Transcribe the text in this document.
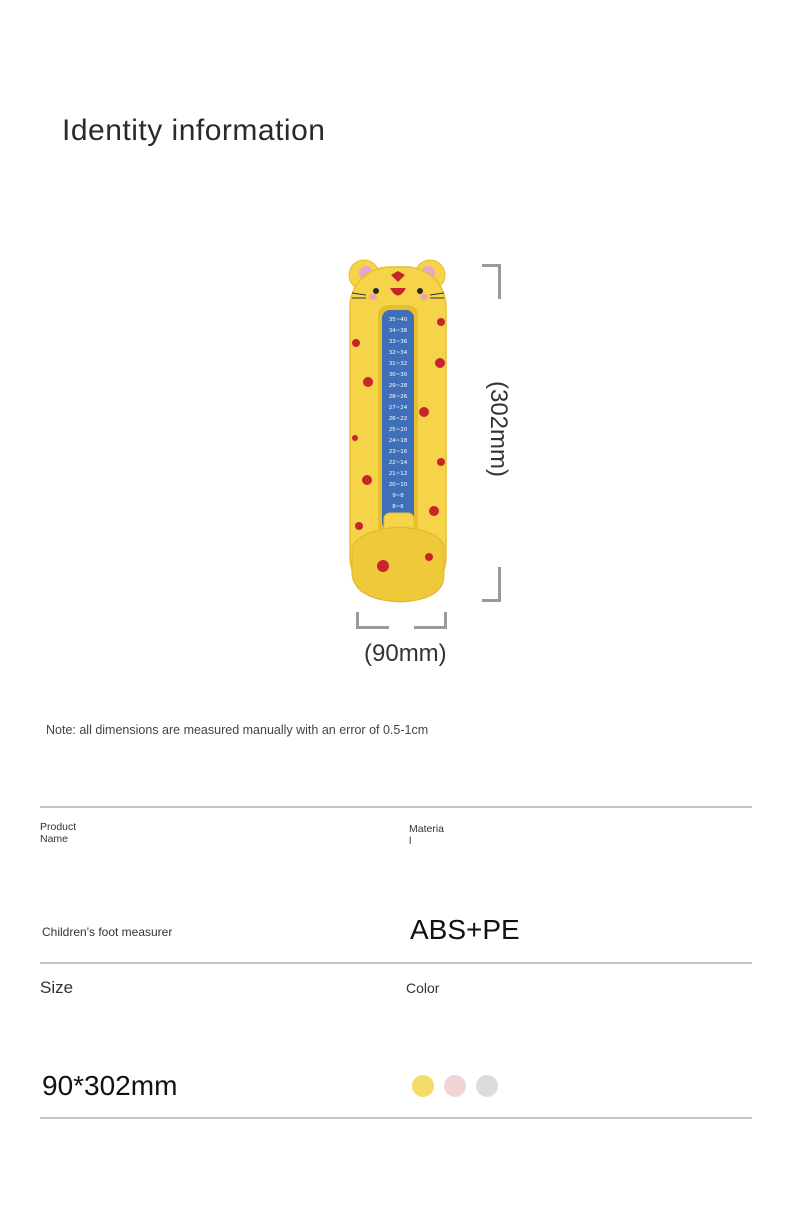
Identity information
35~40
34~38
33~36
32~34
31~32
30~30
29~28
28~26
27~24
26~22
25~20
24~18
23~16
22~14
21~12
20~10
9~8
8~6
(302mm)
(90mm)
Note: all dimensions are measured manually with an error of 0.5-1cm
Product
Name
Materia
l
Children's foot measurer	ABS+PE
Size	Color
90*302mm
